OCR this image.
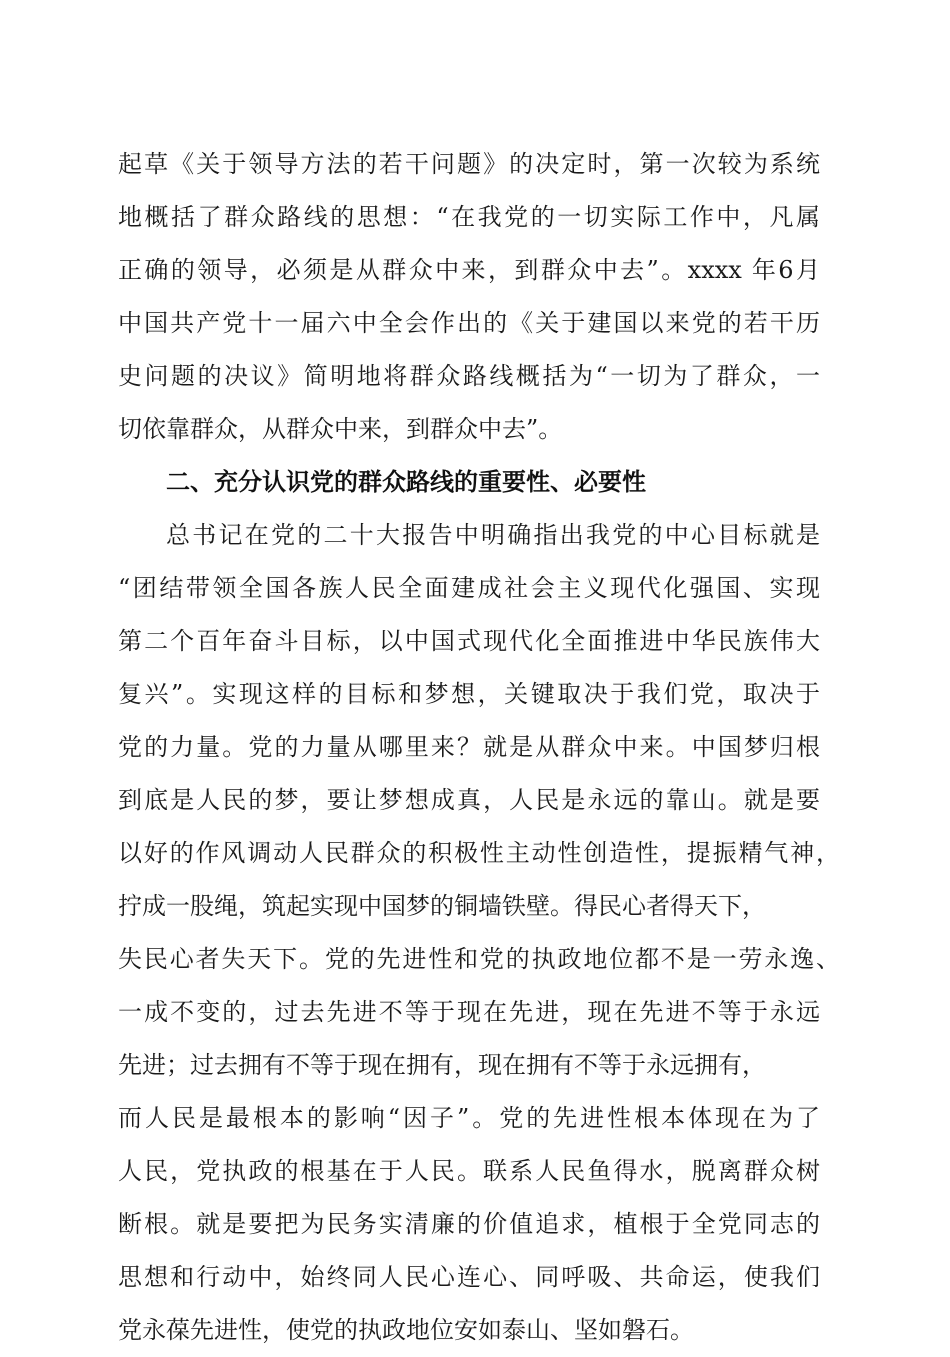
起草《关于领导方法的若干问题》的决定时，第一次较为系统
地概括了群众路线的思想：“在我党的一切实际工作中，凡属
正确的领导，必须是从群众中来，到群众中去”。xxxx 年6月
中国共产党十一届六中全会作出的《关于建国以来党的若干历
史问题的决议》简明地将群众路线概括为“一切为了群众，一
切依靠群众，从群众中来，到群众中去”。
二、充分认识党的群众路线的重要性、必要性
总书记在党的二十大报告中明确指出我党的中心目标就是
“团结带领全国各族人民全面建成社会主义现代化强国、实现
第二个百年奋斗目标，以中国式现代化全面推进中华民族伟大
复兴”。实现这样的目标和梦想，关键取决于我们党，取决于
党的力量。党的力量从哪里来？就是从群众中来。中国梦归根
到底是人民的梦，要让梦想成真，人民是永远的靠山。就是要
以好的作风调动人民群众的积极性主动性创造性，提振精气神，
拧成一股绳，筑起实现中国梦的铜墙铁壁。得民心者得天下，
失民心者失天下。党的先进性和党的执政地位都不是一劳永逸、
一成不变的，过去先进不等于现在先进，现在先进不等于永远
先进；过去拥有不等于现在拥有，现在拥有不等于永远拥有，
而人民是最根本的影响“因子”。党的先进性根本体现在为了
人民，党执政的根基在于人民。联系人民鱼得水，脱离群众树
断根。就是要把为民务实清廉的价值追求，植根于全党同志的
思想和行动中，始终同人民心连心、同呼吸、共命运，使我们
党永葆先进性，使党的执政地位安如泰山、坚如磐石。
